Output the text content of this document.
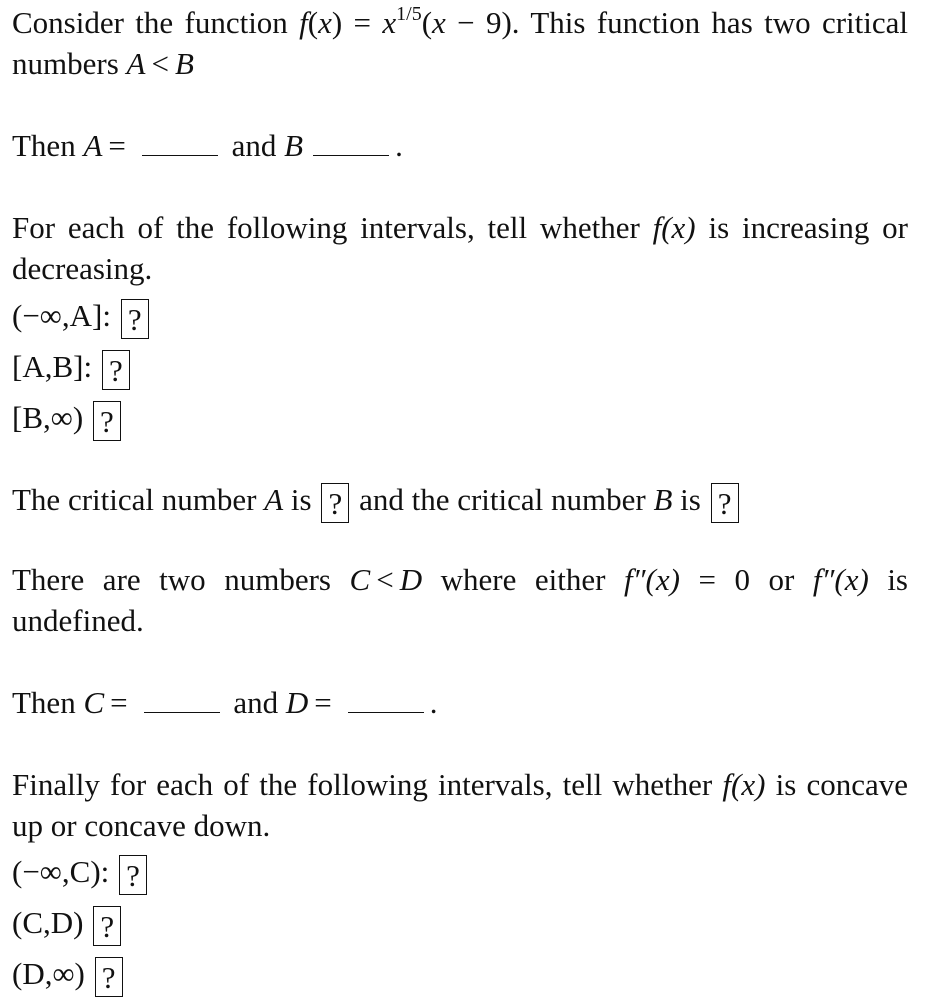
Consider the function $f(x) = x^{1/5}(x - 9)$. This function has two critical numbers A < B
Then A =	and B	.
For each of the following intervals, tell whether f(x) is increasing or decreasing.
(−∞,A]: ?
[A,B]: ?
[B,∞) ?
The critical number A is ? and the critical number B is ?
There are two numbers C < D where either f″(x) = 0 or f″(x) is undefined.
Then C =	and D =	.
Finally for each of the following intervals, tell whether f(x) is concave up or concave down.
(−∞,C): ?
(C,D) ?
(D,∞) ?
